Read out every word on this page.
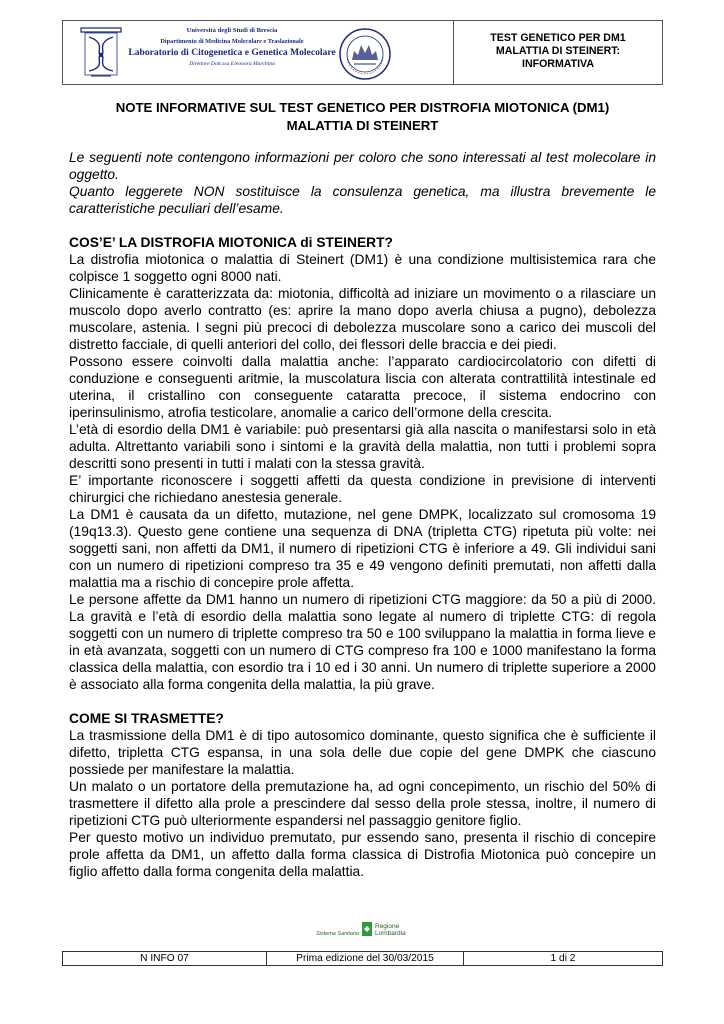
Università degli Studi di Brescia
Dipartimento di Medicina Molecolare e Traslazionale
Laboratorio di Citogenetica e Genetica Molecolare
Direttore Dott.ssa Eleonora Marchina
TEST GENETICO PER DM1
MALATTIA DI STEINERT:
INFORMATIVA
NOTE INFORMATIVE SUL TEST GENETICO PER DISTROFIA MIOTONICA (DM1)
MALATTIA DI STEINERT

Le seguenti note contengono informazioni per coloro che sono interessati al test molecolare in oggetto.

Quanto leggerete NON sostituisce la consulenza genetica, ma illustra brevemente le caratteristiche peculiari dell’esame.

COS’E’ LA DISTROFIA MIOTONICA di STEINERT?

La distrofia miotonica o malattia di Steinert (DM1) è una condizione multisistemica rara che colpisce 1 soggetto ogni 8000 nati.

Clinicamente è caratterizzata da: miotonia, difficoltà ad iniziare un movimento o a rilasciare un muscolo dopo averlo contratto (es: aprire la mano dopo averla chiusa a pugno), debolezza muscolare, astenia. I segni più precoci di debolezza muscolare sono a carico dei muscoli del distretto facciale, di quelli anteriori del collo, dei flessori delle braccia e dei piedi.

Possono essere coinvolti dalla malattia anche: l’apparato cardiocircolatorio con difetti di conduzione e conseguenti aritmie, la muscolatura liscia con alterata contrattilità intestinale ed uterina, il cristallino con conseguente cataratta precoce, il sistema endocrino con iperinsulinismo, atrofia testicolare, anomalie a carico dell’ormone della crescita.

L’età di esordio della DM1 è variabile: può presentarsi già alla nascita o manifestarsi solo in età adulta. Altrettanto variabili sono i sintomi e la gravità della malattia, non tutti i problemi sopra descritti sono presenti in tutti i malati con la stessa gravità.

E’ importante riconoscere i soggetti affetti da questa condizione in previsione di interventi chirurgici che richiedano anestesia generale.

La DM1 è causata da un difetto, mutazione, nel gene DMPK, localizzato sul cromosoma 19 (19q13.3). Questo gene contiene una sequenza di DNA (tripletta CTG) ripetuta più volte: nei soggetti sani, non affetti da DM1, il numero di ripetizioni CTG è inferiore a 49. Gli individui sani con un numero di ripetizioni compreso tra 35 e 49 vengono definiti premutati, non affetti dalla malattia ma a rischio di concepire prole affetta.

Le persone affette da DM1 hanno un numero di ripetizioni CTG maggiore: da 50 a più di 2000. La gravità e l’età di esordio della malattia sono legate al numero di triplette CTG: di regola soggetti con un numero di triplette compreso tra 50 e 100 sviluppano la malattia in forma lieve e in età avanzata, soggetti con un numero di CTG compreso fra 100 e 1000 manifestano la forma classica della malattia, con esordio tra i 10 ed i 30 anni. Un numero di triplette superiore a 2000 è associato alla forma congenita della malattia, la più grave.

COME SI TRASMETTE?

La trasmissione della DM1 è di tipo autosomico dominante, questo significa che è sufficiente il difetto, tripletta CTG espansa, in una sola delle due copie del gene DMPK che ciascuno possiede per manifestare la malattia.

Un malato o un portatore della premutazione ha, ad ogni concepimento, un rischio del 50% di trasmettere il difetto alla prole a prescindere dal sesso della prole stessa, inoltre, il numero di ripetizioni CTG può ulteriormente espandersi nel passaggio genitore figlio.

Per questo motivo un individuo premutato, pur essendo sano, presenta il rischio di concepire prole affetta da DM1, un affetto dalla forma classica di Distrofia Miotonica può concepire un figlio affetto dalla forma congenita della malattia.

Sistema Sanitario
Regione
Lombardia
N INFO 07	Prima edizione del 30/03/2015	1 di 2
